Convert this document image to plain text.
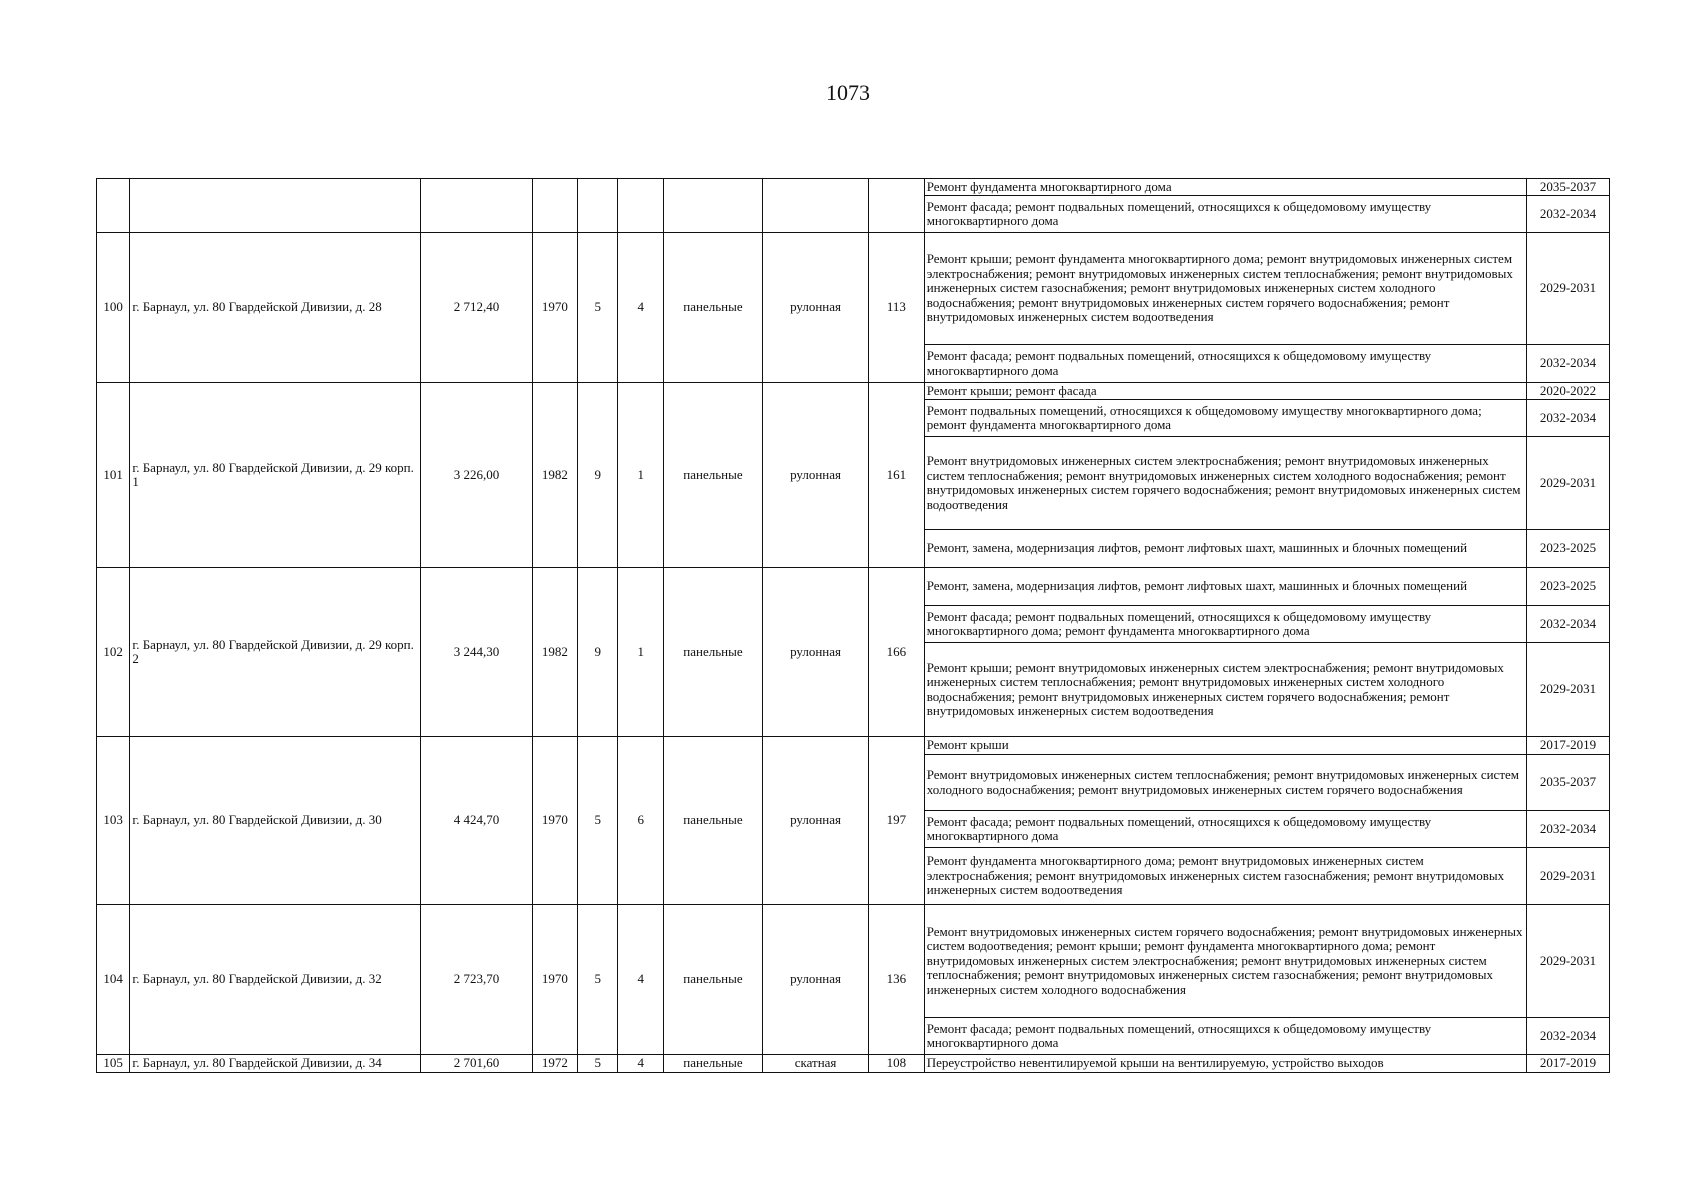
1073
									Ремонт фундамента многоквартирного дома	2035-2037
									Ремонт фасада; ремонт подвальных помещений, относящихся к общедомовому имуществу многоквартирного дома	2032-2034
100	г. Барнаул, ул. 80 Гвардейской Дивизии, д. 28	2 712,40	1970	5	4	панельные	рулонная	113	Ремонт крыши; ремонт фундамента многоквартирного дома; ремонт внутридомовых инженерных систем электроснабжения; ремонт внутридомовых инженерных систем теплоснабжения; ремонт внутридомовых инженерных систем газоснабжения; ремонт внутридомовых инженерных систем холодного водоснабжения; ремонт внутридомовых инженерных систем горячего водоснабжения; ремонт внутридомовых инженерных систем водоотведения	2029-2031
									Ремонт фасада; ремонт подвальных помещений, относящихся к общедомовому имуществу многоквартирного дома	2032-2034
101	г. Барнаул, ул. 80 Гвардейской Дивизии, д. 29 корп. 1	3 226,00	1982	9	1	панельные	рулонная	161	Ремонт крыши; ремонт фасада	2020-2022
									Ремонт подвальных помещений, относящихся к общедомовому имуществу многоквартирного дома; ремонт фундамента многоквартирного дома	2032-2034
									Ремонт внутридомовых инженерных систем электроснабжения; ремонт внутридомовых инженерных систем теплоснабжения; ремонт внутридомовых инженерных систем холодного водоснабжения; ремонт внутридомовых инженерных систем горячего водоснабжения; ремонт внутридомовых инженерных систем водоотведения	2029-2031
									Ремонт, замена, модернизация лифтов, ремонт лифтовых шахт, машинных и блочных помещений	2023-2025
102	г. Барнаул, ул. 80 Гвардейской Дивизии, д. 29 корп. 2	3 244,30	1982	9	1	панельные	рулонная	166	Ремонт, замена, модернизация лифтов, ремонт лифтовых шахт, машинных и блочных помещений	2023-2025
									Ремонт фасада; ремонт подвальных помещений, относящихся к общедомовому имуществу многоквартирного дома; ремонт фундамента многоквартирного дома	2032-2034
									Ремонт крыши; ремонт внутридомовых инженерных систем электроснабжения; ремонт внутридомовых инженерных систем теплоснабжения; ремонт внутридомовых инженерных систем холодного водоснабжения; ремонт внутридомовых инженерных систем горячего водоснабжения; ремонт внутридомовых инженерных систем водоотведения	2029-2031
103	г. Барнаул, ул. 80 Гвардейской Дивизии, д. 30	4 424,70	1970	5	6	панельные	рулонная	197	Ремонт крыши	2017-2019
									Ремонт внутридомовых инженерных систем теплоснабжения; ремонт внутридомовых инженерных систем холодного водоснабжения; ремонт внутридомовых инженерных систем горячего водоснабжения	2035-2037
									Ремонт фасада; ремонт подвальных помещений, относящихся к общедомовому имуществу многоквартирного дома	2032-2034
									Ремонт фундамента многоквартирного дома; ремонт внутридомовых инженерных систем электроснабжения; ремонт внутридомовых инженерных систем газоснабжения; ремонт внутридомовых инженерных систем водоотведения	2029-2031
104	г. Барнаул, ул. 80 Гвардейской Дивизии, д. 32	2 723,70	1970	5	4	панельные	рулонная	136	Ремонт внутридомовых инженерных систем горячего водоснабжения; ремонт внутридомовых инженерных систем водоотведения; ремонт крыши; ремонт фундамента многоквартирного дома; ремонт внутридомовых инженерных систем электроснабжения; ремонт внутридомовых инженерных систем теплоснабжения; ремонт внутридомовых инженерных систем газоснабжения; ремонт внутридомовых инженерных систем холодного водоснабжения	2029-2031
									Ремонт фасада; ремонт подвальных помещений, относящихся к общедомовому имуществу многоквартирного дома	2032-2034
105	г. Барнаул, ул. 80 Гвардейской Дивизии, д. 34	2 701,60	1972	5	4	панельные	скатная	108	Переустройство невентилируемой крыши на вентилируемую, устройство выходов	2017-2019
